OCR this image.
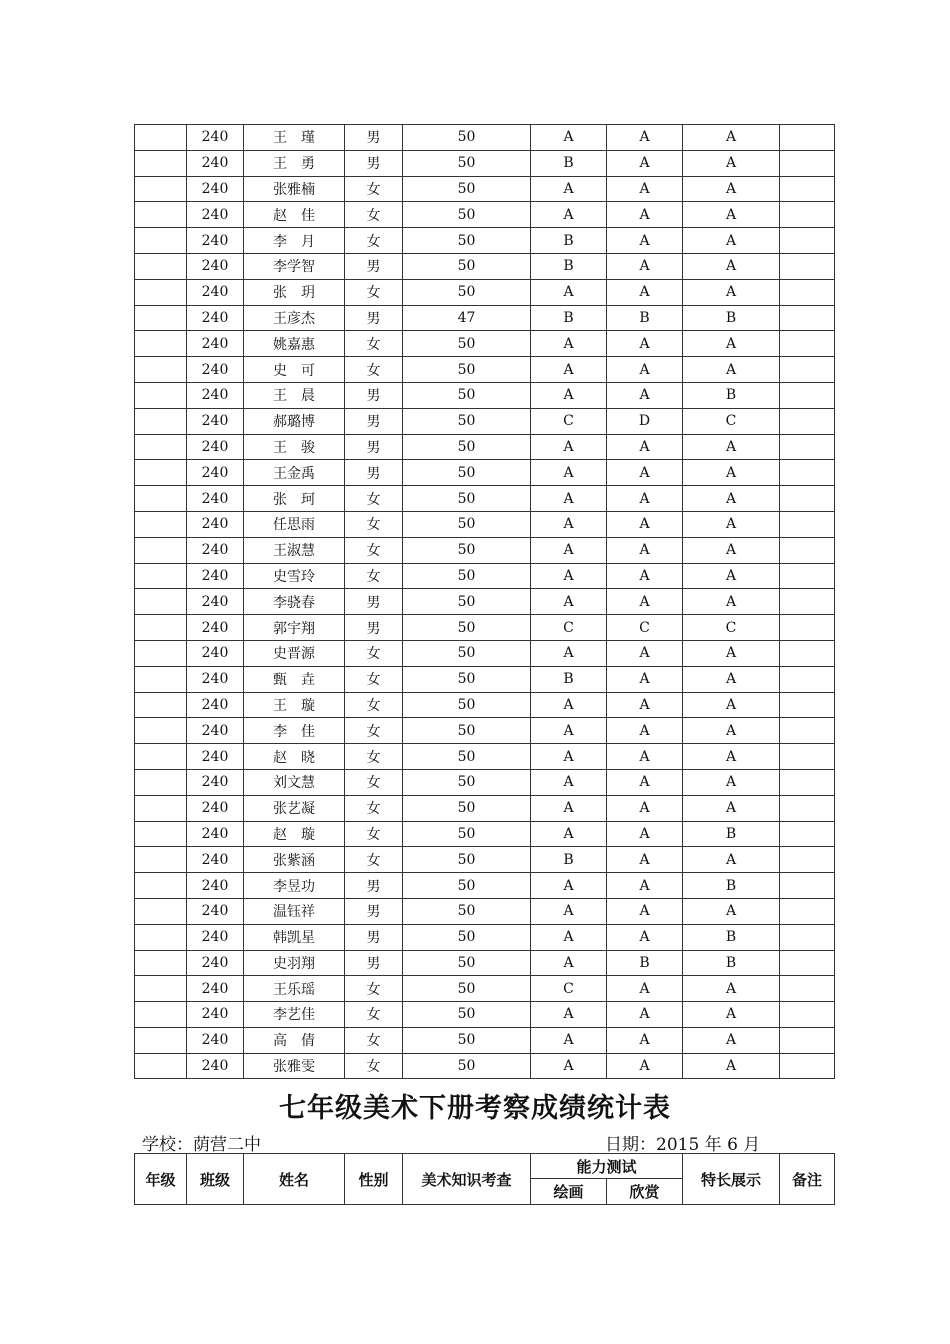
	240	王　瑾	男	50	A	A	A	
	240	王　勇	男	50	B	A	A	
	240	张雅楠	女	50	A	A	A	
	240	赵　佳	女	50	A	A	A	
	240	李　月	女	50	B	A	A	
	240	李学智	男	50	B	A	A	
	240	张　玥	女	50	A	A	A	
	240	王彦杰	男	47	B	B	B	
	240	姚嘉惠	女	50	A	A	A	
	240	史　可	女	50	A	A	A	
	240	王　晨	男	50	A	A	B	
	240	郝璐博	男	50	C	D	C	
	240	王　骏	男	50	A	A	A	
	240	王金禹	男	50	A	A	A	
	240	张　珂	女	50	A	A	A	
	240	任思雨	女	50	A	A	A	
	240	王淑慧	女	50	A	A	A	
	240	史雪玲	女	50	A	A	A	
	240	李骁春	男	50	A	A	A	
	240	郭宇翔	男	50	C	C	C	
	240	史晋源	女	50	A	A	A	
	240	甄　垚	女	50	B	A	A	
	240	王　璇	女	50	A	A	A	
	240	李　佳	女	50	A	A	A	
	240	赵　晓	女	50	A	A	A	
	240	刘文慧	女	50	A	A	A	
	240	张艺凝	女	50	A	A	A	
	240	赵　璇	女	50	A	A	B	
	240	张紫涵	女	50	B	A	A	
	240	李昱功	男	50	A	A	B	
	240	温钰祥	男	50	A	A	A	
	240	韩凯星	男	50	A	A	B	
	240	史羽翔	男	50	A	B	B	
	240	王乐瑶	女	50	C	A	A	
	240	李艺佳	女	50	A	A	A	
	240	高　倩	女	50	A	A	A	
	240	张雅雯	女	50	A	A	A	
七年级美术下册考察成绩统计表
学校：荫营二中	日期：2015 年 6 月
年级	班级	姓名	性别	美术知识考查	能力测试		特长展示	备注
					绘画	欣赏		
